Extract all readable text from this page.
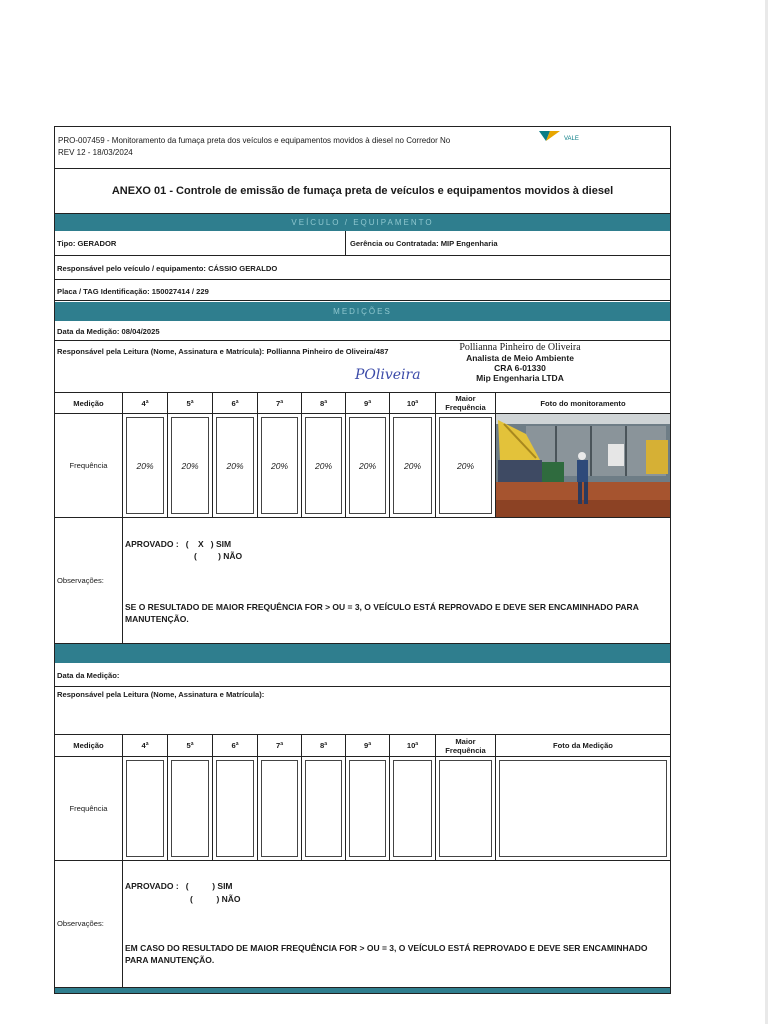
PRO-007459 - Monitoramento da fumaça preta dos veículos e equipamentos movidos à diesel no Corredor No
REV 12 - 18/03/2024
VALE
ANEXO 01 - Controle de emissão de fumaça preta de veículos e equipamentos movidos à diesel
VEÍCULO / EQUIPAMENTO
Tipo: GERADOR	Gerência ou Contratada: MIP Engenharia
Responsável pelo veículo / equipamento: CÁSSIO GERALDO
Placa / TAG Identificação: 150027414 / 229
MEDIÇÕES
Data da Medição: 08/04/2025
Responsável pela Leitura (Nome, Assinatura e Matrícula): Pollianna Pinheiro de Oliveira/487
POliveira
Pollianna Pinheiro de Oliveira
Analista de Meio Ambiente
CRA 6-01330
Mip Engenharia LTDA
Medição	4ª	5ª	6ª	7ª	8ª	9ª	10ª	Maior Frequência	Foto do monitoramento
Frequência	20%	20%	20%	20%	20%	20%	20%	20%
Observações:
APROVADO :   (    X   ) SIM
(         ) NÃO
SE O RESULTADO DE MAIOR FREQUÊNCIA FOR > OU = 3, O VEÍCULO ESTÁ REPROVADO E DEVE SER ENCAMINHADO PARA MANUTENÇÃO.
Data da Medição:
Responsável pela Leitura (Nome, Assinatura e Matrícula):
Medição	4ª	5ª	6ª	7ª	8ª	9ª	10ª	Maior Frequência	Foto da Medição
Frequência
Observações:
APROVADO :   (          ) SIM
(          ) NÃO
EM CASO DO RESULTADO DE MAIOR FREQUÊNCIA FOR > OU = 3, O VEÍCULO ESTÁ REPROVADO E DEVE SER ENCAMINHADO PARA MANUTENÇÃO.
